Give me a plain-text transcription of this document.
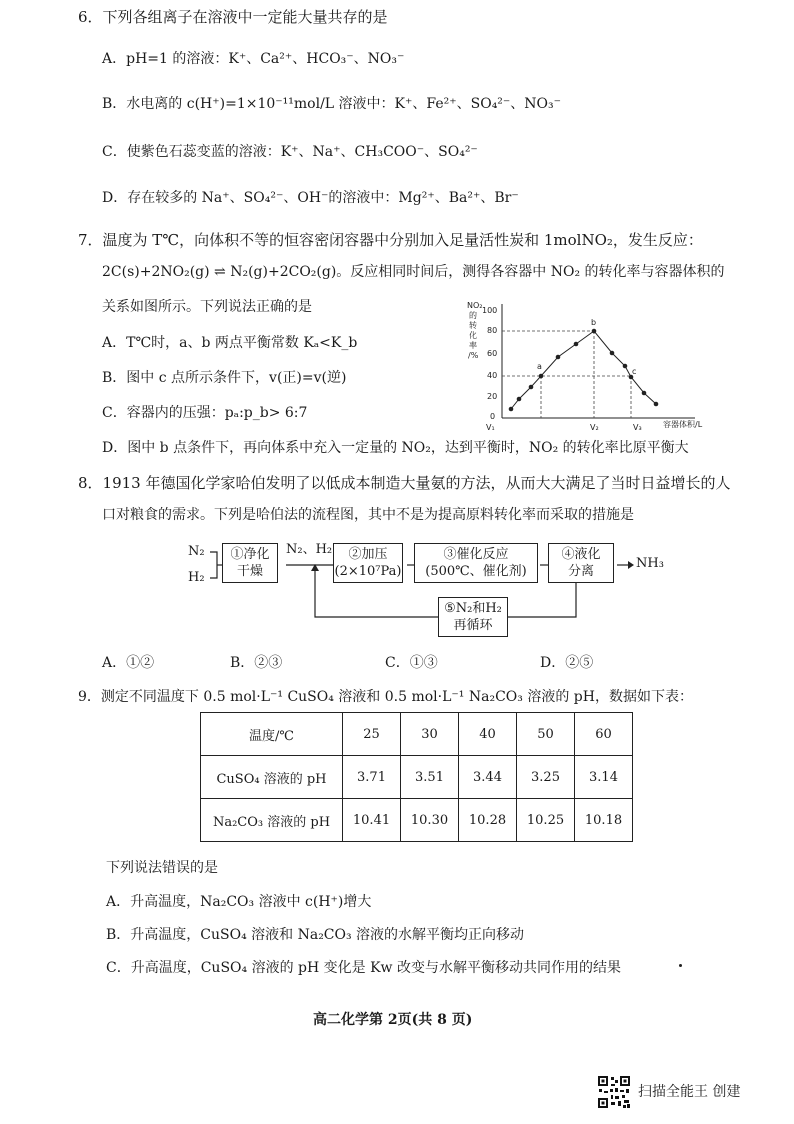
6．下列各组离子在溶液中一定能大量共存的是
A．pH=1 的溶液：K⁺、Ca²⁺、HCO₃⁻、NO₃⁻
B．水电离的 c(H⁺)=1×10⁻¹¹mol/L 溶液中：K⁺、Fe²⁺、SO₄²⁻、NO₃⁻
C．使紫色石蕊变蓝的溶液：K⁺、Na⁺、CH₃COO⁻、SO₄²⁻
D．存在较多的 Na⁺、SO₄²⁻、OH⁻的溶液中：Mg²⁺、Ba²⁺、Br⁻
7．温度为 T℃，向体积不等的恒容密闭容器中分别加入足量活性炭和 1molNO₂，发生反应：
2C(s)+2NO₂(g) ⇌ N₂(g)+2CO₂(g)。反应相同时间后，测得各容器中 NO₂ 的转化率与容器体积的
关系如图所示。下列说法正确的是
A．T℃时，a、b 两点平衡常数 Kₐ<K_b
B．图中 c 点所示条件下，v(正)=v(逆)
C．容器内的压强：pₐ:p_b> 6:7
D．图中 b 点条件下，再向体系中充入一定量的 NO₂，达到平衡时，NO₂ 的转化率比原平衡大
NO₂
的
转
化
率
/%
100
80
60
40
20
0
V₁	V₂	V₃	容器体积/L
a
b
c
8．1913 年德国化学家哈伯发明了以低成本制造大量氨的方法，从而大大满足了当时日益增长的人
口对粮食的需求。下列是哈伯法的流程图，其中不是为提高原料转化率而采取的措施是
N₂
H₂
①净化
干燥
N₂、H₂	②加压
(2×10⁷Pa)
③催化反应
(500℃、催化剂)
④液化
分离
NH₃
⑤N₂和H₂
再循环
A．①②	B．②③	C．①③	D．②⑤
9．测定不同温度下 0.5 mol·L⁻¹ CuSO₄ 溶液和 0.5 mol·L⁻¹ Na₂CO₃ 溶液的 pH，数据如下表：
温度/℃	25	30	40	50	60
CuSO₄ 溶液的 pH	3.71	3.51	3.44	3.25	3.14
Na₂CO₃ 溶液的 pH	10.41	10.30	10.28	10.25	10.18
下列说法错误的是
A．升高温度，Na₂CO₃ 溶液中 c(H⁺)增大
B．升高温度，CuSO₄ 溶液和 Na₂CO₃ 溶液的水解平衡均正向移动
C．升高温度，CuSO₄ 溶液的 pH 变化是 Kw 改变与水解平衡移动共同作用的结果
高二化学第 2页(共 8 页)
扫描全能王 创建
